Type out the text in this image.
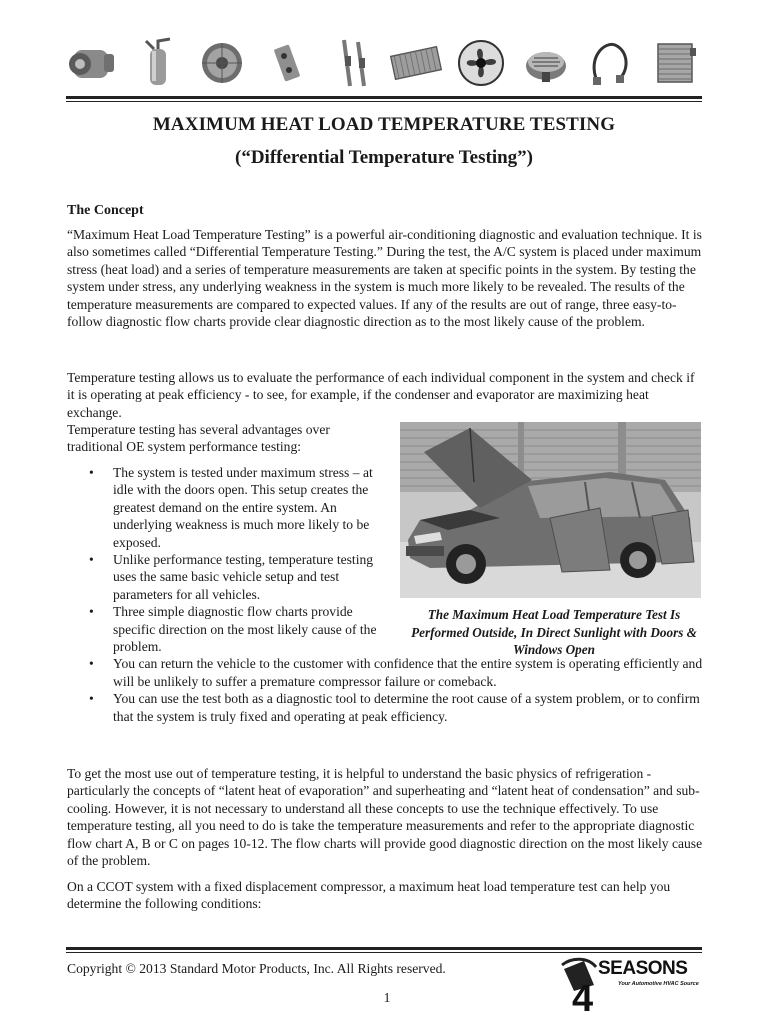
MAXIMUM HEAT LOAD TEMPERATURE TESTING
(“Differential Temperature Testing”)
The Concept

“Maximum Heat Load Temperature Testing” is a powerful air-conditioning diagnostic and evaluation technique. It is also sometimes called “Differential Temperature Testing.” During the test, the A/C system is placed under maximum stress (heat load) and a series of temperature measurements are taken at specific points in the system. By testing the system under stress, any underlying weakness in the system is much more likely to be revealed. The results of the temperature measurements are compared to expected values. If any of the results are out of range, three easy-to-follow diagnostic flow charts provide clear diagnostic direction as to the most likely cause of the problem.

Temperature testing allows us to evaluate the performance of each individual component in the system and check if it is operating at peak efficiency - to see, for example, if the condenser and evaporator are maximizing heat exchange.

Temperature testing has several advantages over traditional OE system performance testing:

• The system is tested under maximum stress – at idle with the doors open. This setup creates the greatest demand on the entire system. An underlying weakness is much more likely to be exposed.
• Unlike performance testing, temperature testing uses the same basic vehicle setup and test parameters for all vehicles.
• Three simple diagnostic flow charts provide specific direction on the most likely cause of the problem.
• You can return the vehicle to the customer with confidence that the entire system is operating efficiently and will be unlikely to suffer a premature compressor failure or comeback.
• You can use the test both as a diagnostic tool to determine the root cause of a system problem, or to confirm that the system is truly fixed and operating at peak efficiency.

The Maximum Heat Load Temperature Test Is Performed Outside, In Direct Sunlight with Doors & Windows Open

To get the most use out of temperature testing, it is helpful to understand the basic physics of refrigeration - particularly the concepts of “latent heat of evaporation” and superheating and “latent heat of condensation” and sub-cooling. However, it is not necessary to understand all these concepts to use the technique effectively. To use temperature testing, all you need to do is take the temperature measurements and refer to the appropriate diagnostic flow chart A, B or C on pages 10-12. The flow charts will provide good diagnostic direction on the most likely cause of the problem.

On a CCOT system with a fixed displacement compressor, a maximum heat load temperature test can help you determine the following conditions:

Copyright © 2013 Standard Motor Products, Inc. All Rights reserved.
1	4
SEASONS
Your Automotive HVAC Source
